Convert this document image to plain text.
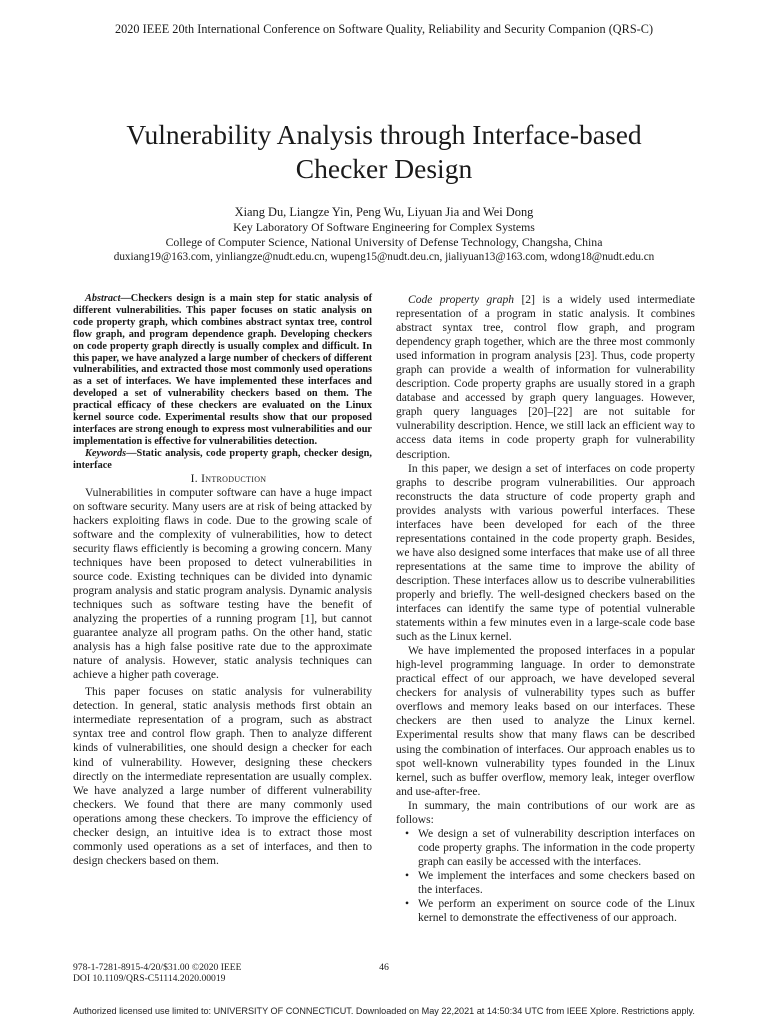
2020 IEEE 20th International Conference on Software Quality, Reliability and Security Companion (QRS-C)
Vulnerability Analysis through Interface-based
Checker Design
Xiang Du, Liangze Yin, Peng Wu, Liyuan Jia and Wei Dong
Key Laboratory Of Software Engineering for Complex Systems
College of Computer Science, National University of Defense Technology, Changsha, China
duxiang19@163.com, yinliangze@nudt.edu.cn, wupeng15@nudt.deu.cn, jialiyuan13@163.com, wdong18@nudt.edu.cn

Abstract—Checkers design is a main step for static analysis of different vulnerabilities. This paper focuses on static analysis on code property graph, which combines abstract syntax tree, control flow graph, and program dependence graph. Developing checkers on code property graph directly is usually complex and difficult. In this paper, we have analyzed a large number of checkers of different vulnerabilities, and extracted those most commonly used operations as a set of interfaces. We have implemented these interfaces and developed a set of vulnerability checkers based on them. The practical efficacy of these checkers are evaluated on the Linux kernel source code. Experimental results show that our proposed interfaces are strong enough to express most vulnerabilities and our implementation is effective for vulnerabilities detection.

Keywords—Static analysis, code property graph, checker design, interface

I. Introduction

Vulnerabilities in computer software can have a huge impact on software security. Many users are at risk of being attacked by hackers exploiting flaws in code. Due to the growing scale of software and the complexity of vulnerabilities, how to detect security flaws efficiently is becoming a growing concern. Many techniques have been proposed to detect vulnerabilities in source code. Existing techniques can be divided into dynamic program analysis and static program analysis. Dynamic analysis techniques such as software testing have the benefit of analyzing the properties of a running program [1], but cannot guarantee analyze all program paths. On the other hand, static analysis has a high false positive rate due to the approximate nature of analysis. However, static analysis techniques can achieve a higher path coverage.

This paper focuses on static analysis for vulnerability detection. In general, static analysis methods first obtain an intermediate representation of a program, such as abstract syntax tree and control flow graph. Then to analyze different kinds of vulnerabilities, one should design a checker for each kind of vulnerability. However, designing these checkers directly on the intermediate representation are usually complex. We have analyzed a large number of different vulnerability checkers. We found that there are many commonly used operations among these checkers. To improve the efficiency of checker design, an intuitive idea is to extract those most commonly used operations as a set of interfaces, and then to design checkers based on them.

Code property graph [2] is a widely used intermediate representation of a program in static analysis. It combines abstract syntax tree, control flow graph, and program dependency graph together, which are the three most commonly used information in program analysis [23]. Thus, code property graph can provide a wealth of information for vulnerability description. Code property graphs are usually stored in a graph database and accessed by graph query languages. However, graph query languages [20]–[22] are not suitable for vulnerability description. Hence, we still lack an efficient way to access data items in code property graph for vulnerability description.

In this paper, we design a set of interfaces on code property graphs to describe program vulnerabilities. Our approach reconstructs the data structure of code property graph and provides analysts with various powerful interfaces. These interfaces have been developed for each of the three representations contained in the code property graph. Besides, we have also designed some interfaces that make use of all three representations at the same time to improve the ability of description. These interfaces allow us to describe vulnerabilities properly and briefly. The well-designed checkers based on the interfaces can identify the same type of potential vulnerable statements within a few minutes even in a large-scale code base such as the Linux kernel.

We have implemented the proposed interfaces in a popular high-level programming language. In order to demonstrate practical effect of our approach, we have developed several checkers for analysis of vulnerability types such as buffer overflows and memory leaks based on our interfaces. These checkers are then used to analyze the Linux kernel. Experimental results show that many flaws can be described using the combination of interfaces. Our approach enables us to spot well-known vulnerability types founded in the Linux kernel, such as buffer overflow, memory leak, integer overflow and use-after-free.

In summary, the main contributions of our work are as follows:

• We design a set of vulnerability description interfaces on code property graphs. The information in the code property graph can easily be accessed with the interfaces.
• We implement the interfaces and some checkers based on the interfaces.
• We perform an experiment on source code of the Linux kernel to demonstrate the effectiveness of our approach.
978-1-7281-8915-4/20/$31.00 ©2020 IEEE
DOI 10.1109/QRS-C51114.2020.00019
46
Authorized licensed use limited to: UNIVERSITY OF CONNECTICUT. Downloaded on May 22,2021 at 14:50:34 UTC from IEEE Xplore. Restrictions apply.
